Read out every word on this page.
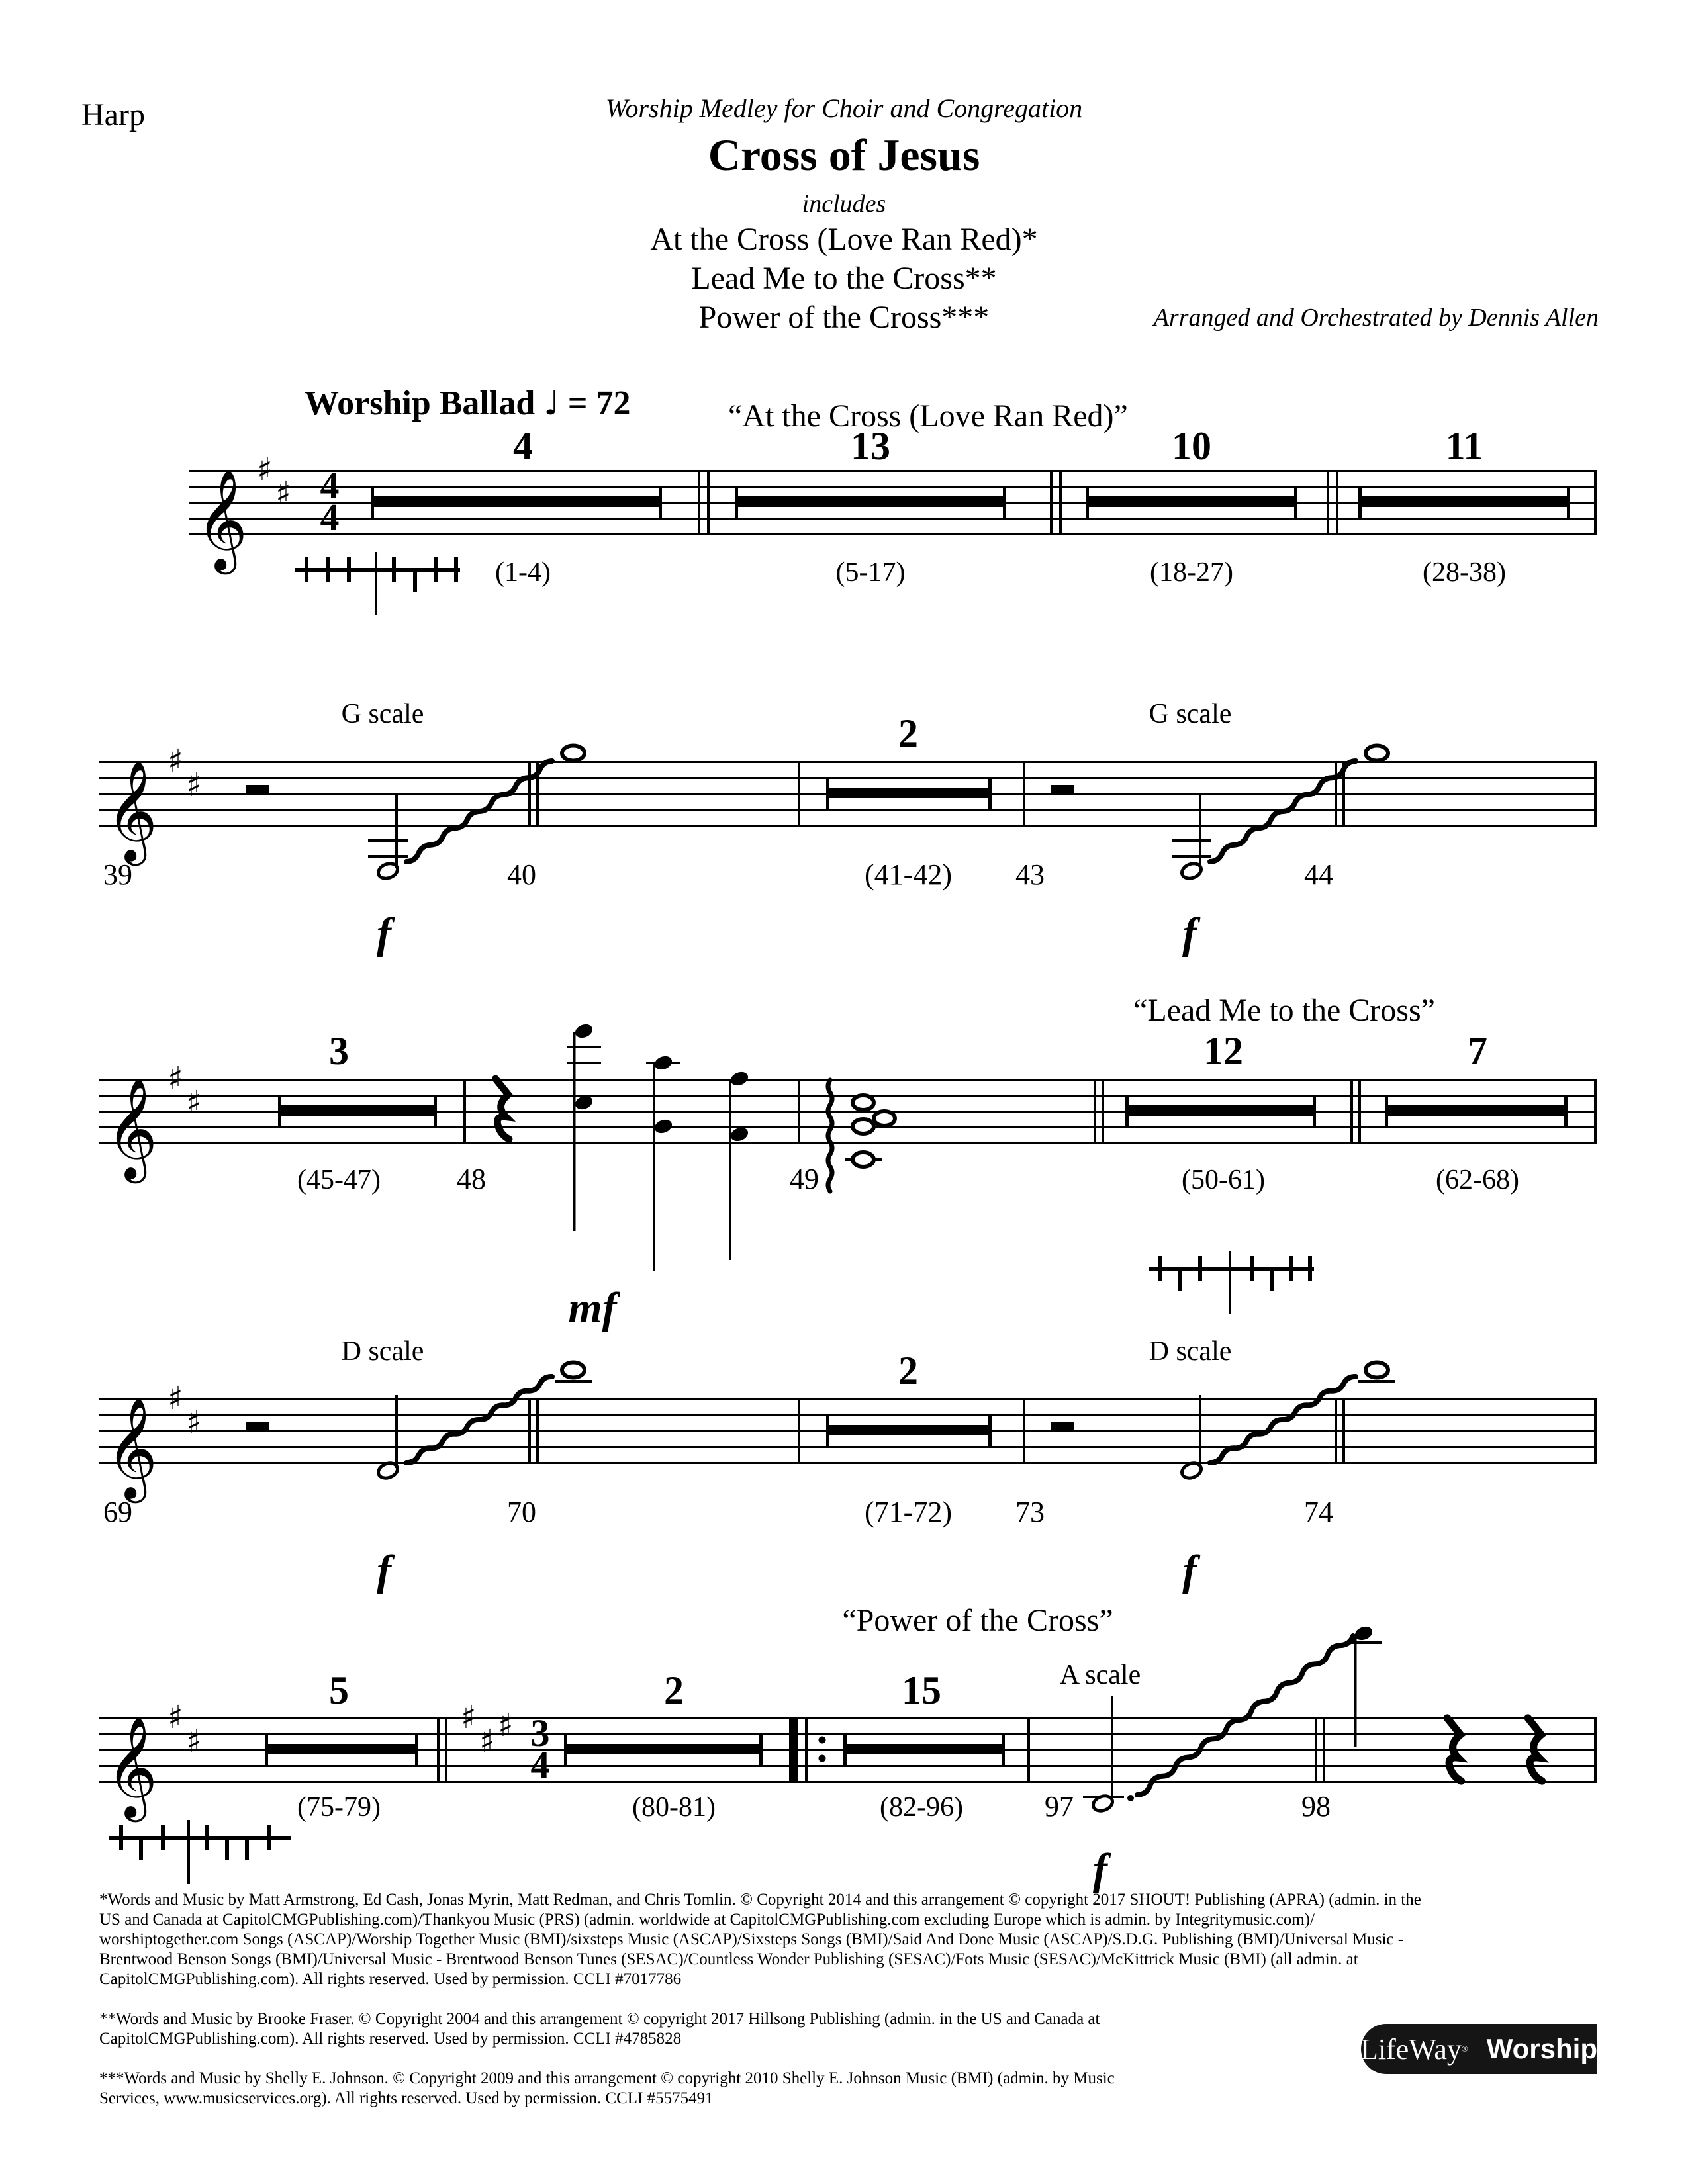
Harp	Worship Medley for Choir and Congregation
Cross of Jesus
includes
At the Cross (Love Ran Red)*
Lead Me to the Cross**
Power of the Cross***	Arranged and Orchestrated by Dennis Allen
Worship Ballad ♩ = 72
𝄞 ♯
♯ 4
4
4	13	10	11
(1-4)	(5-17)	(18-27)	(28-38)
“At the Cross (Love Ran Red)”
𝄞 ♯
♯
G scale	G scale
2
39	40	(41-42) 43	44
f	f
“Lead Me to the Cross”
𝄞 ♯
♯
3
mf
12	7
(45-47)	48	49	(50-61)	(62-68)
𝄞 ♯
♯
D scale	D scale
2
69	70	(71-72) 73	74
f	f
“Power of the Cross”
A scale
𝄞 ♯
♯
5
♯
♯ ♯ 3
4
2	15
(75-79)	(80-81)	(82-96)	97	98
f
*Words and Music by Matt Armstrong, Ed Cash, Jonas Myrin, Matt Redman, and Chris Tomlin. © Copyright 2014 and this arrangement © copyright 2017 SHOUT! Publishing (APRA) (admin. in the
US and Canada at CapitolCMGPublishing.com)/Thankyou Music (PRS) (admin. worldwide at CapitolCMGPublishing.com excluding Europe which is admin. by Integritymusic.com)/
worshiptogether.com Songs (ASCAP)/Worship Together Music (BMI)/sixsteps Music (ASCAP)/Sixsteps Songs (BMI)/Said And Done Music (ASCAP)/S.D.G. Publishing (BMI)/Universal Music -
Brentwood Benson Songs (BMI)/Universal Music - Brentwood Benson Tunes (SESAC)/Countless Wonder Publishing (SESAC)/Fots Music (SESAC)/McKittrick Music (BMI) (all admin. at
CapitolCMGPublishing.com). All rights reserved. Used by permission. CCLI #7017786
**Words and Music by Brooke Fraser. © Copyright 2004 and this arrangement © copyright 2017 Hillsong Publishing (admin. in the US and Canada at
CapitolCMGPublishing.com). All rights reserved. Used by permission. CCLI #4785828
***Words and Music by Shelly E. Johnson. © Copyright 2009 and this arrangement © copyright 2010 Shelly E. Johnson Music (BMI) (admin. by Music
Services, www.musicservices.org). All rights reserved. Used by permission. CCLI #5575491
LifeWay ® Worship
